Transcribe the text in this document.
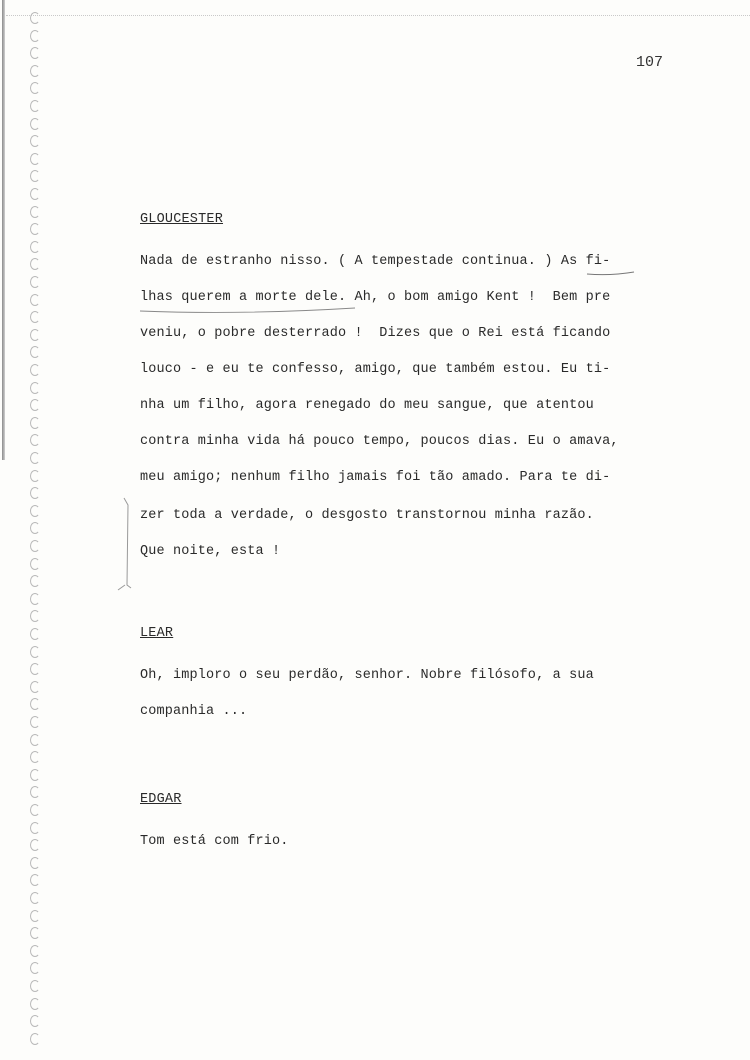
107
GLOUCESTER
Nada de estranho nisso. ( A tempestade continua. ) As fi-
lhas querem a morte dele. Ah, o bom amigo Kent !  Bem pre
veniu, o pobre desterrado !  Dizes que o Rei está ficando
louco - e eu te confesso, amigo, que também estou. Eu ti-
nha um filho, agora renegado do meu sangue, que atentou
contra minha vida há pouco tempo, poucos dias. Eu o amava,
meu amigo; nenhum filho jamais foi tão amado. Para te di-
zer toda a verdade, o desgosto transtornou minha razão.
Que noite, esta !
LEAR
Oh, imploro o seu perdão, senhor. Nobre filósofo, a sua
companhia ...
EDGAR
Tom está com frio.
